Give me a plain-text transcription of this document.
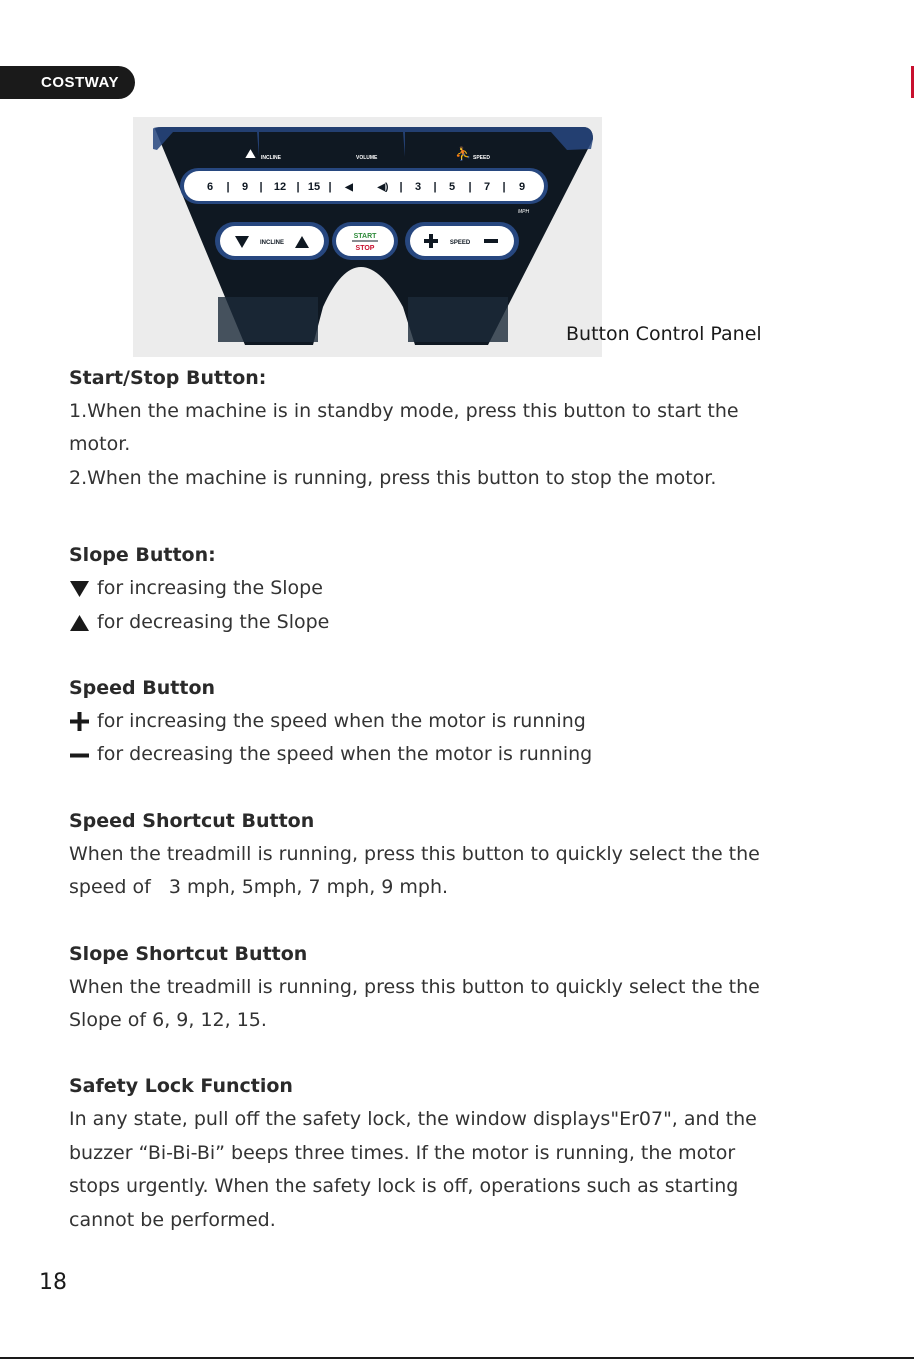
COSTWAY
⛰ INCLINE	VOLUME	⛹ SPEED
6 | 9 | 12 | 15 | ◀ ◀) | 3 | 5 | 7 | 9
MPH
INCLINE
START
STOP
SPEED
Button Control Panel
Start/Stop Button:
1.When the machine is in standby mode, press this button to start the
motor.
2.When the machine is running, press this button to stop the motor.
Slope Button:
for increasing the Slope
for decreasing the Slope
Speed Button
for increasing the speed when the motor is running
for decreasing the speed when the motor is running
Speed Shortcut Button
When the treadmill is running, press this button to quickly select the the
speed of   3 mph, 5mph, 7 mph, 9 mph.
Slope Shortcut Button
When the treadmill is running, press this button to quickly select the the
Slope of 6, 9, 12, 15.
Safety Lock Function
In any state, pull off the safety lock, the window displays"Er07", and the
buzzer “Bi-Bi-Bi” beeps three times. If the motor is running, the motor
stops urgently. When the safety lock is off, operations such as starting
cannot be performed.
18
